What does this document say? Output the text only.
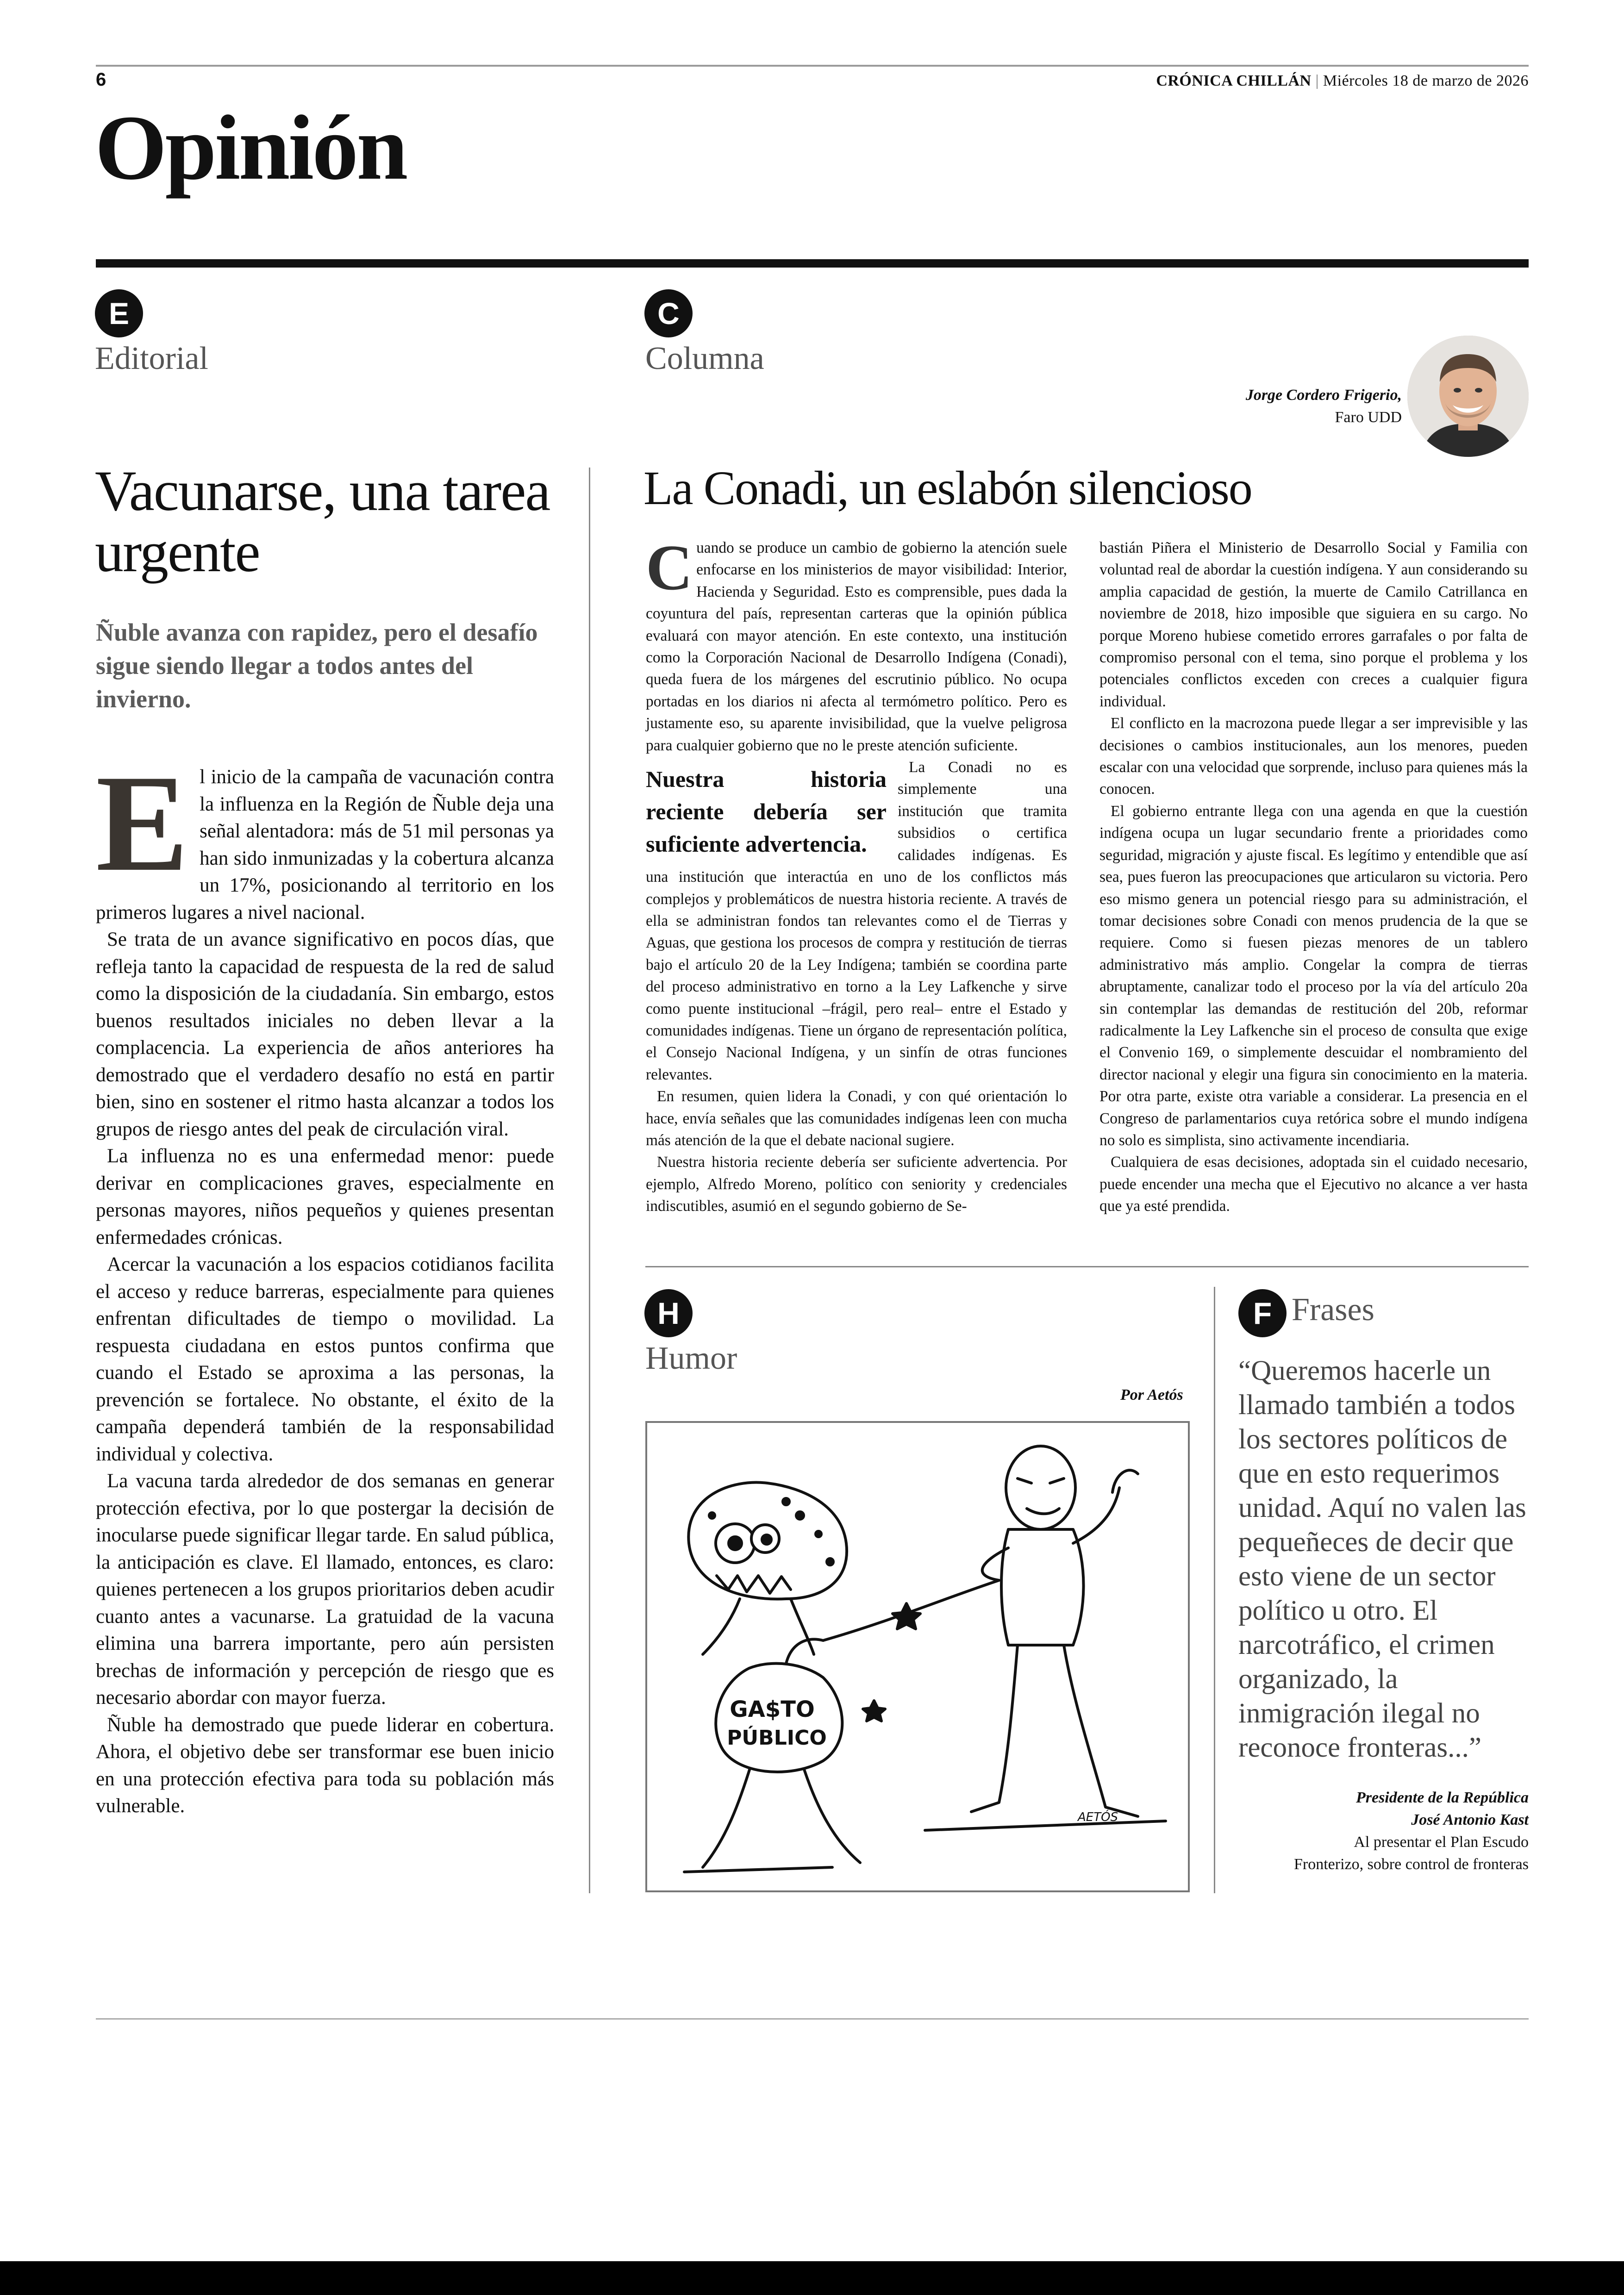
6	CRÓNICA CHILLÁN | Miércoles 18 de marzo de 2026
Opinión
E
Editorial
C
Columna
Jorge Cordero Frigerio,
Faro UDD
Vacunarse, una tarea urgente
Ñuble avanza con rapidez, pero el desafío sigue siendo llegar a todos antes del invierno.

El inicio de la campaña de vacunación contra la influenza en la Región de Ñuble deja una señal alentadora: más de 51 mil personas ya han sido inmunizadas y la cobertura alcanza un 17%, posicionando al territorio en los primeros lugares a nivel nacional.

Se trata de un avance significativo en pocos días, que refleja tanto la capacidad de respuesta de la red de salud como la disposición de la ciudadanía. Sin embargo, estos buenos resultados iniciales no deben llevar a la complacencia. La experiencia de años anteriores ha demostrado que el verdadero desafío no está en partir bien, sino en sostener el ritmo hasta alcanzar a todos los grupos de riesgo antes del peak de circulación viral.

La influenza no es una enfermedad menor: puede derivar en complicaciones graves, especialmente en personas mayores, niños pequeños y quienes presentan enfermedades crónicas.

Acercar la vacunación a los espacios cotidianos facilita el acceso y reduce barreras, especialmente para quienes enfrentan dificultades de tiempo o movilidad. La respuesta ciudadana en estos puntos confirma que cuando el Estado se aproxima a las personas, la prevención se fortalece. No obstante, el éxito de la campaña dependerá también de la responsabilidad individual y colectiva.

La vacuna tarda alrededor de dos semanas en generar protección efectiva, por lo que postergar la decisión de inocularse puede significar llegar tarde. En salud pública, la anticipación es clave. El llamado, entonces, es claro: quienes pertenecen a los grupos prioritarios deben acudir cuanto antes a vacunarse. La gratuidad de la vacuna elimina una barrera importante, pero aún persisten brechas de información y percepción de riesgo que es necesario abordar con mayor fuerza.

Ñuble ha demostrado que puede liderar en cobertura. Ahora, el objetivo debe ser transformar ese buen inicio en una protección efectiva para toda su población más vulnerable.

La Conadi, un eslabón silencioso

Cuando se produce un cambio de gobierno la atención suele enfocarse en los ministerios de mayor visibilidad: Interior, Hacienda y Seguridad. Esto es comprensible, pues dada la coyuntura del país, representan carteras que la opinión pública evaluará con mayor atención. En este contexto, una institución como la Corporación Nacional de Desarrollo Indígena (Conadi), queda fuera de los márgenes del escrutinio público. No ocupa portadas en los diarios ni afecta al termómetro político. Pero es justamente eso, su aparente invisibilidad, que la vuelve peligrosa para cualquier gobierno que no le preste atención suficiente.

Nuestra historia reciente debería ser suficiente advertencia.

La Conadi no es simplemente una institución que tramita subsidios o certifica calidades indígenas. Es una institución que interactúa en uno de los conflictos más complejos y problemáticos de nuestra historia reciente. A través de ella se administran fondos tan relevantes como el de Tierras y Aguas, que gestiona los procesos de compra y restitución de tierras bajo el artículo 20 de la Ley Indígena; también se coordina parte del proceso administrativo en torno a la Ley Lafkenche y sirve como puente institucional –frágil, pero real– entre el Estado y comunidades indígenas. Tiene un órgano de representación política, el Consejo Nacional Indígena, y un sinfín de otras funciones relevantes.

En resumen, quien lidera la Conadi, y con qué orientación lo hace, envía señales que las comunidades indígenas leen con mucha más atención de la que el debate nacional sugiere.

Nuestra historia reciente debería ser suficiente advertencia. Por ejemplo, Alfredo Moreno, político con seniority y credenciales indiscutibles, asumió en el segundo gobierno de Se-

bastián Piñera el Ministerio de Desarrollo Social y Familia con voluntad real de abordar la cuestión indígena. Y aun considerando su amplia capacidad de gestión, la muerte de Camilo Catrillanca en noviembre de 2018, hizo imposible que siguiera en su cargo. No porque Moreno hubiese cometido errores garrafales o por falta de compromiso personal con el tema, sino porque el problema y los potenciales conflictos exceden con creces a cualquier figura individual.

El conflicto en la macrozona puede llegar a ser imprevisible y las decisiones o cambios institucionales, aun los menores, pueden escalar con una velocidad que sorprende, incluso para quienes más la conocen.

El gobierno entrante llega con una agenda en que la cuestión indígena ocupa un lugar secundario frente a prioridades como seguridad, migración y ajuste fiscal. Es legítimo y entendible que así sea, pues fueron las preocupaciones que articularon su victoria. Pero eso mismo genera un potencial riesgo para su administración, el tomar decisiones sobre Conadi con menos prudencia de la que se requiere. Como si fuesen piezas menores de un tablero administrativo más amplio. Congelar la compra de tierras abruptamente, canalizar todo el proceso por la vía del artículo 20a sin contemplar las demandas de restitución del 20b, reformar radicalmente la Ley Lafkenche sin el proceso de consulta que exige el Convenio 169, o simplemente descuidar el nombramiento del director nacional y elegir una figura sin conocimiento en la materia. Por otra parte, existe otra variable a considerar. La presencia en el Congreso de parlamentarios cuya retórica sobre el mundo indígena no solo es simplista, sino activamente incendiaria.

Cualquiera de esas decisiones, adoptada sin el cuidado necesario, puede encender una mecha que el Ejecutivo no alcance a ver hasta que ya esté prendida.

H
Humor
Por Aetós
GA$TO
PÚBLICO
AETÓS
F Frases
“Queremos hacerle un llamado también a todos los sectores políticos de que en esto requerimos unidad. Aquí no valen las pequeñeces de decir que esto viene de un sector político u otro. El narcotráfico, el crimen organizado, la inmigración ilegal no reconoce fronteras...”
Presidente de la República
José Antonio Kast
Al presentar el Plan Escudo
Fronterizo, sobre control de fronteras
